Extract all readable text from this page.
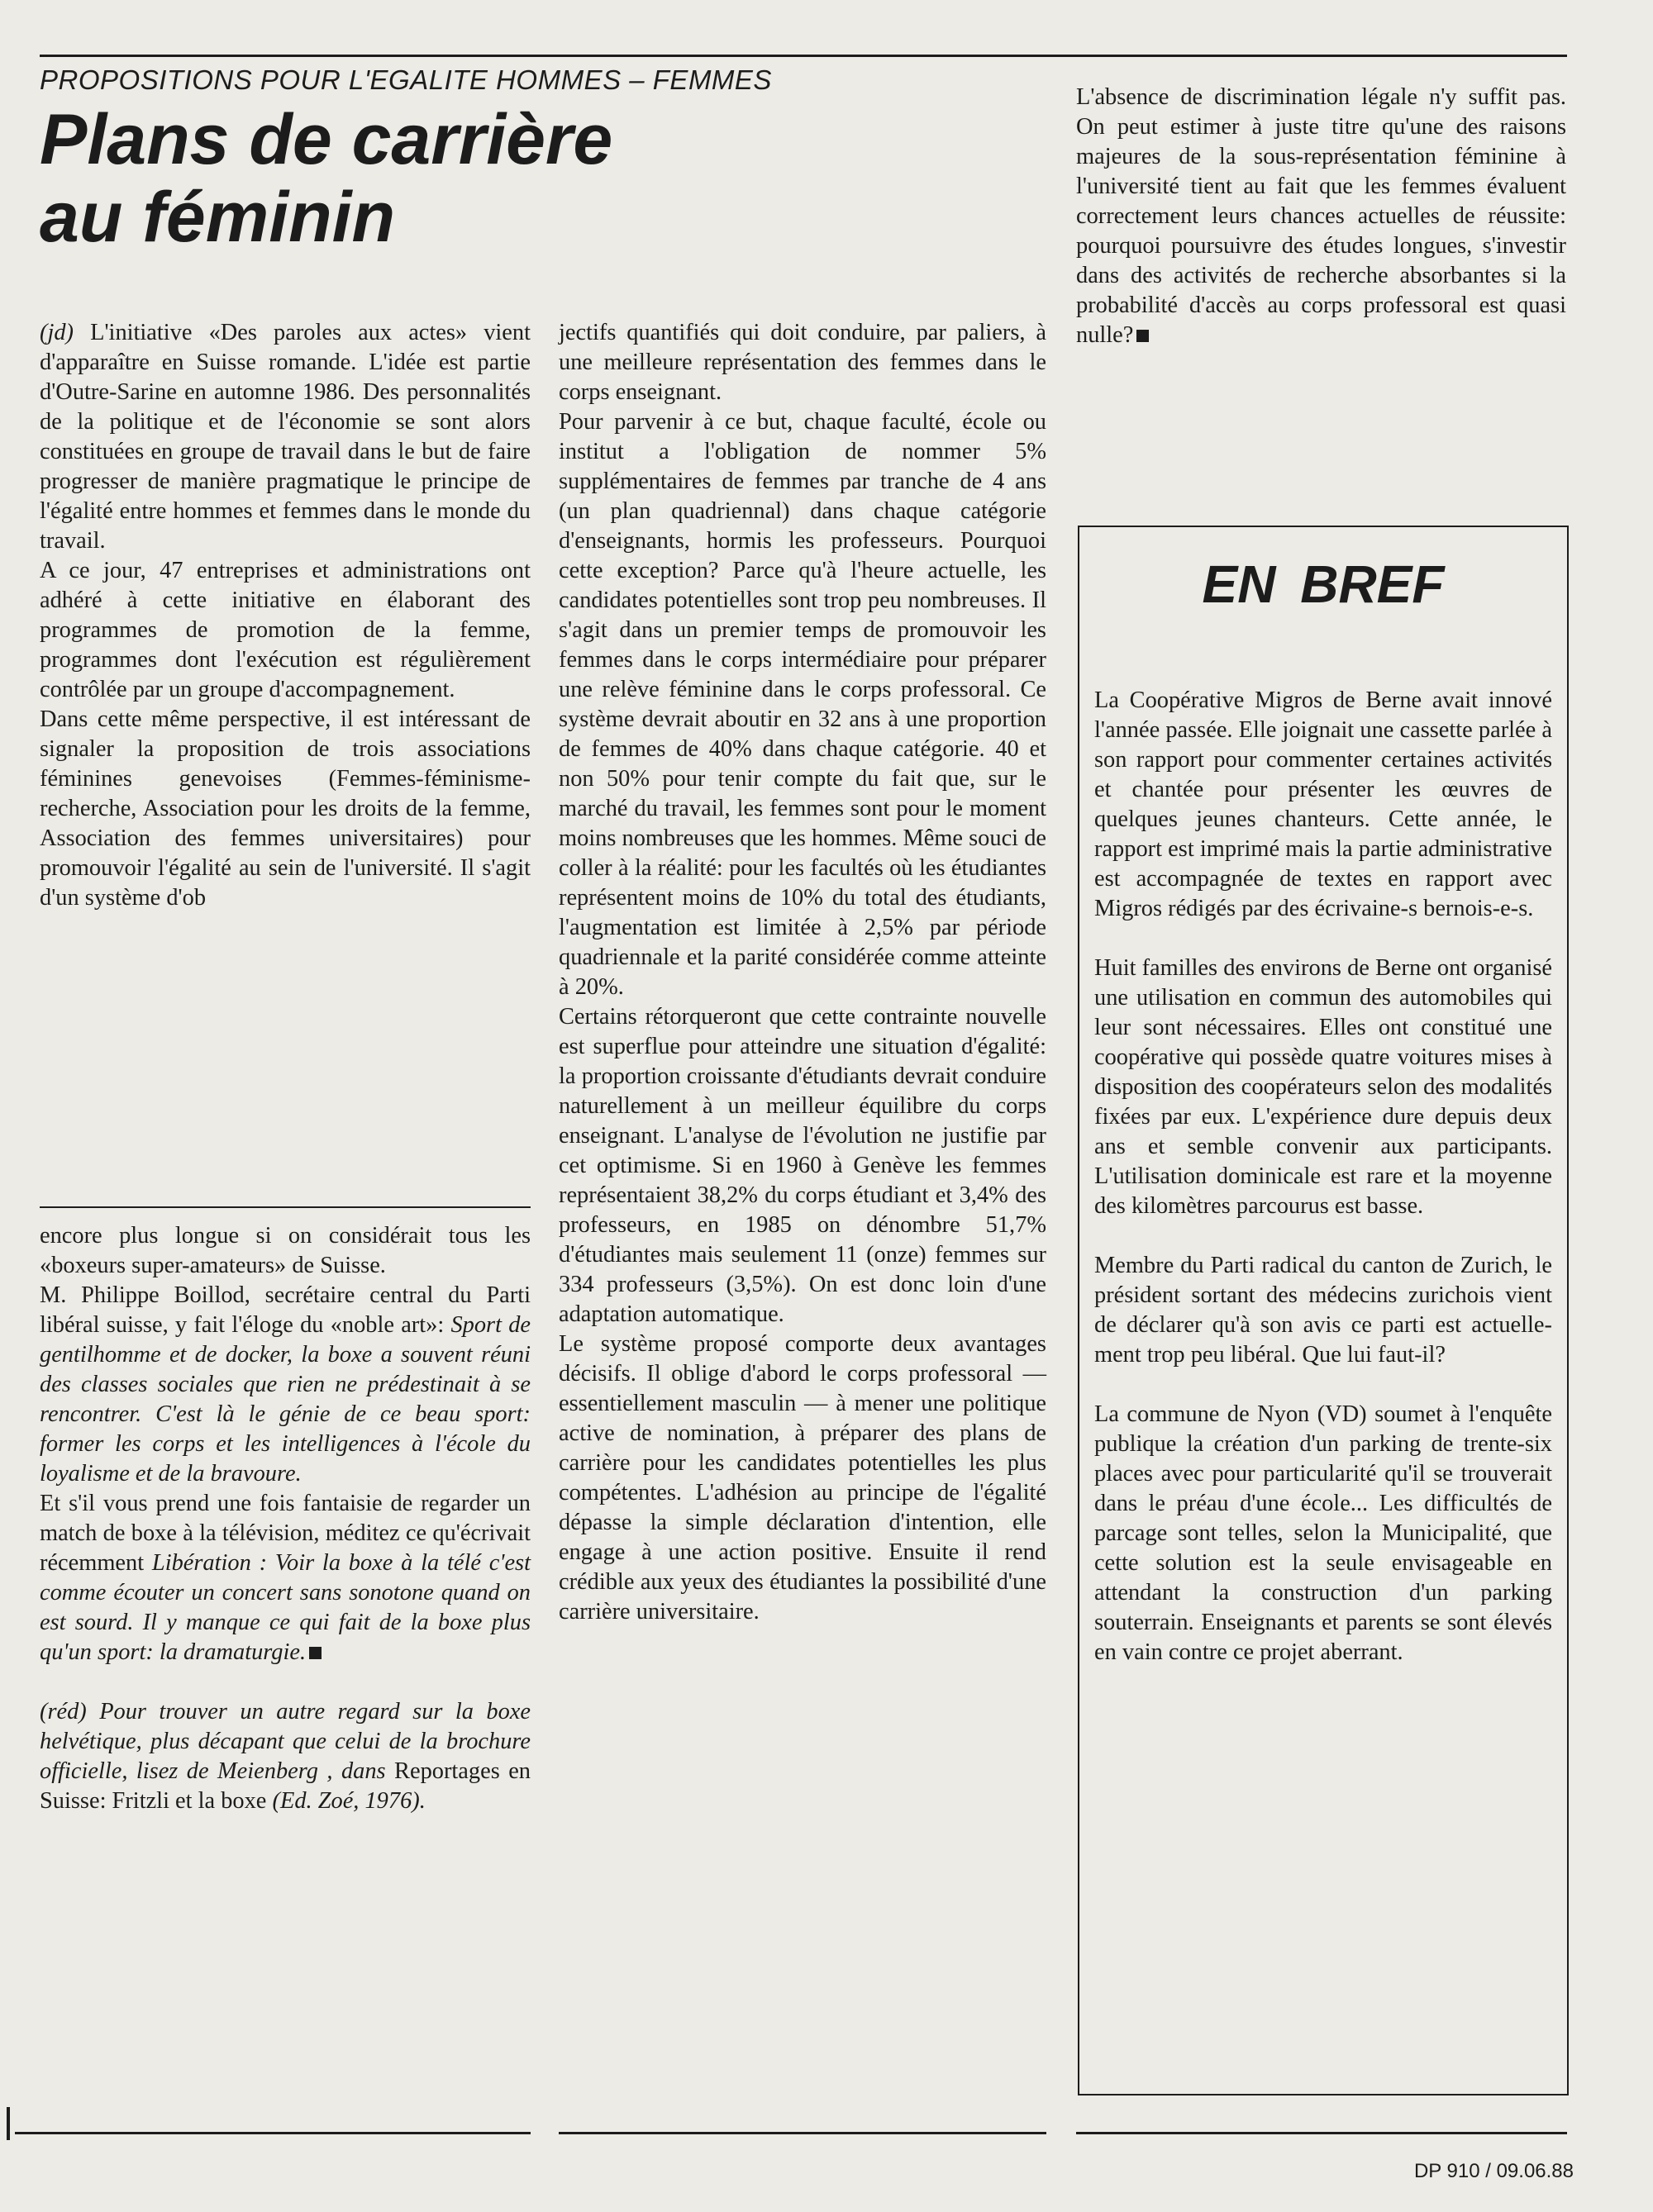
PROPOSITIONS POUR L'EGALITE HOMMES – FEMMES
Plans de carrière
au féminin

(jd) L'initiative «Des paroles aux actes» vient d'apparaître en Suisse romande. L'idée est partie d'Outre-Sarine en automne 1986. Des personnalités de la politique et de l'économie se sont alors constituées en groupe de travail dans le but de faire progresser de manière pragmatique le principe de l'égalité entre hommes et femmes dans le monde du travail.

A ce jour, 47 entreprises et administrations ont adhéré à cette initiative en élaborant des programmes de promotion de la femme, programmes dont l'exécution est régulièrement contrôlée par un groupe d'accompagnement.

Dans cette même perspective, il est intéressant de signaler la proposition de trois associations féminines genevoises (Femmes-féminisme-recherche, Association pour les droits de la femme, Association des femmes universitaires) pour promouvoir l'égalité au sein de l'université. Il s'agit d'un système d'ob

encore plus longue si on considérait tous les «boxeurs super-amateurs» de Suisse.

M. Philippe Boillod, secrétaire central du Parti libéral suisse, y fait l'éloge du «noble art»: Sport de gentilhomme et de docker, la boxe a souvent réuni des classes sociales que rien ne prédestinait à se rencontrer. C'est là le génie de ce beau sport: former les corps et les intelligences à l'école du loyalisme et de la bravoure.

Et s'il vous prend une fois fantaisie de regarder un match de boxe à la télévision, méditez ce qu'écrivait récemment Libération : Voir la boxe à la télé c'est comme écouter un concert sans sonotone quand on est sourd. Il y manque ce qui fait de la boxe plus qu'un sport: la dramaturgie.

(réd) Pour trouver un autre regard sur la boxe helvétique, plus décapant que celui de la brochure officielle, lisez de Meienberg , dans Reportages en Suisse: Fritzli et la boxe (Ed. Zoé, 1976).

jectifs quantifiés qui doit conduire, par paliers, à une meilleure représentation des femmes dans le corps enseignant.

Pour parvenir à ce but, chaque faculté, école ou institut a l'obligation de nommer 5% supplémentaires de femmes par tranche de 4 ans (un plan quadriennal) dans chaque catégorie d'enseignants, hormis les professeurs. Pourquoi cette exception? Parce qu'à l'heure actuelle, les candidates potentielles sont trop peu nombreuses. Il s'agit dans un premier temps de promouvoir les femmes dans le corps intermédiaire pour préparer une relève féminine dans le corps professoral. Ce système devrait aboutir en 32 ans à une proportion de femmes de 40% dans chaque catégorie. 40 et non 50% pour tenir compte du fait que, sur le marché du travail, les femmes sont pour le moment moins nombreuses que les hommes. Même souci de coller à la réalité: pour les facultés où les étudiantes représentent moins de 10% du total des étudiants, l'augmentation est limitée à 2,5% par période quadriennale et la parité considérée comme atteinte à 20%.

Certains rétorqueront que cette contrainte nouvelle est superflue pour atteindre une situation d'égalité: la proportion croissante d'étudiants devrait conduire naturellement à un meilleur équilibre du corps enseignant. L'analyse de l'évolution ne justifie par cet optimisme. Si en 1960 à Genève les femmes représentaient 38,2% du corps étudiant et 3,4% des professeurs, en 1985 on dénombre 51,7% d'étudiantes mais seulement 11 (onze) femmes sur 334 professeurs (3,5%). On est donc loin d'une adaptation automatique.

Le système proposé comporte deux avantages décisifs. Il oblige d'abord le corps professoral — essentiellement masculin — à mener une politique active de nomination, à préparer des plans de carrière pour les candidates potentielles les plus compétentes. L'adhésion au principe de l'égalité dépasse la simple déclaration d'intention, elle engage à une action positive. Ensuite il rend crédible aux yeux des étudiantes la possibilité d'une carrière universitaire.

L'absence de discrimination légale n'y suffit pas. On peut estimer à juste titre qu'une des raisons majeures de la sous-représentation féminine à l'université tient au fait que les femmes évaluent correctement leurs chances actuelles de réussite: pourquoi poursuivre des études longues, s'investir dans des activités de recherche absorbantes si la probabilité d'accès au corps professoral est quasi nulle?

EN BREF

La Coopérative Migros de Berne avait innové l'année passée. Elle joignait une cassette parlée à son rapport pour commenter certaines activités et chantée pour présenter les œuvres de quelques jeunes chanteurs. Cette année, le rapport est imprimé mais la partie administrative est accompagnée de textes en rapport avec Migros rédigés par des écrivaine-s bernois-e-s.

Huit familles des environs de Berne ont organisé une utilisation en commun des automobiles qui leur sont nécessaires. Elles ont constitué une coopérative qui possède quatre voitures mises à disposition des coopérateurs selon des modalités fixées par eux. L'expérience dure depuis deux ans et semble convenir aux participants. L'utilisation dominicale est rare et la moyenne des kilomètres parcourus est basse.

Membre du Parti radical du canton de Zurich, le président sortant des médecins zurichois vient de déclarer qu'à son avis ce parti est actuellement trop peu libéral. Que lui faut-il?

La commune de Nyon (VD) soumet à l'enquête publique la création d'un parking de trente-six places avec pour particularité qu'il se trouverait dans le préau d'une école... Les difficultés de parcage sont telles, selon la Municipalité, que cette solution est la seule envisageable en attendant la construction d'un parking souterrain. Enseignants et parents se sont élevés en vain contre ce projet aberrant.

DP 910 / 09.06.88
